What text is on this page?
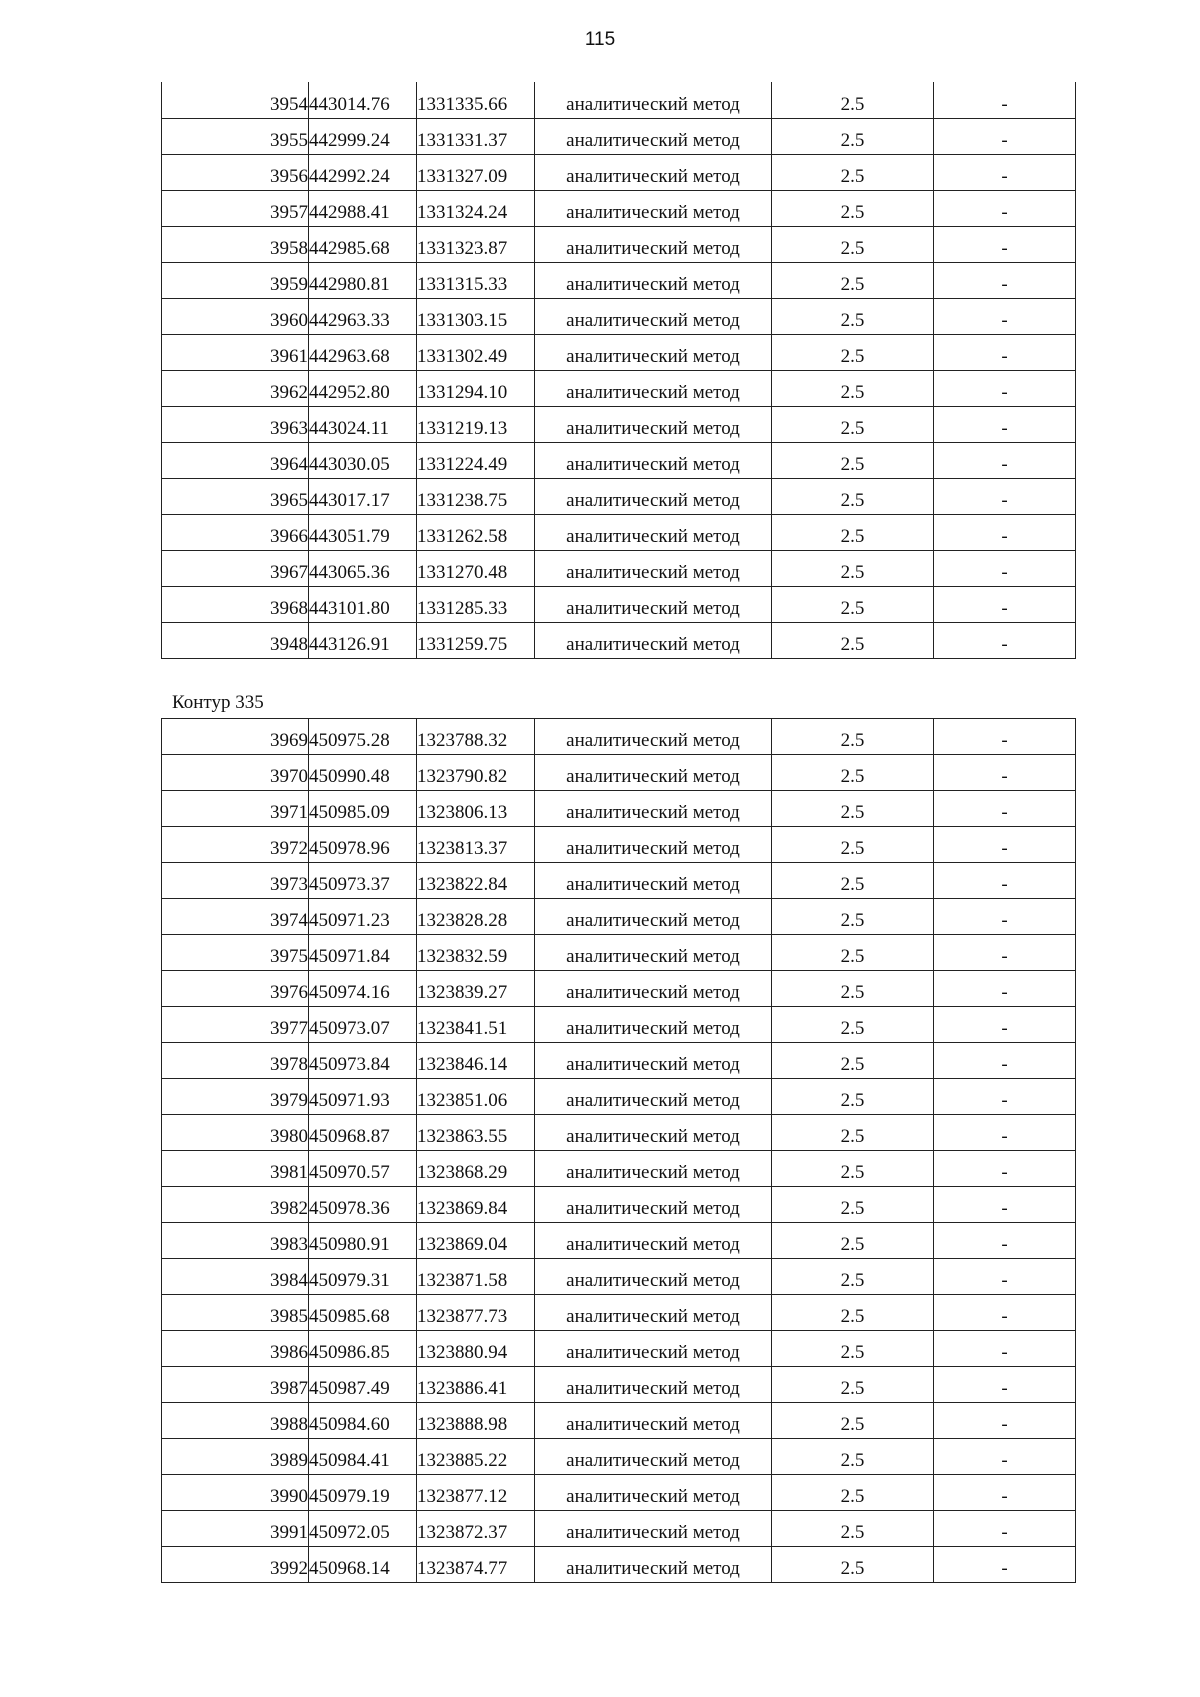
115
3954	443014.76	1331335.66	аналитический метод	2.5	-
3955	442999.24	1331331.37	аналитический метод	2.5	-
3956	442992.24	1331327.09	аналитический метод	2.5	-
3957	442988.41	1331324.24	аналитический метод	2.5	-
3958	442985.68	1331323.87	аналитический метод	2.5	-
3959	442980.81	1331315.33	аналитический метод	2.5	-
3960	442963.33	1331303.15	аналитический метод	2.5	-
3961	442963.68	1331302.49	аналитический метод	2.5	-
3962	442952.80	1331294.10	аналитический метод	2.5	-
3963	443024.11	1331219.13	аналитический метод	2.5	-
3964	443030.05	1331224.49	аналитический метод	2.5	-
3965	443017.17	1331238.75	аналитический метод	2.5	-
3966	443051.79	1331262.58	аналитический метод	2.5	-
3967	443065.36	1331270.48	аналитический метод	2.5	-
3968	443101.80	1331285.33	аналитический метод	2.5	-
3948	443126.91	1331259.75	аналитический метод	2.5	-
Контур 335
3969	450975.28	1323788.32	аналитический метод	2.5	-
3970	450990.48	1323790.82	аналитический метод	2.5	-
3971	450985.09	1323806.13	аналитический метод	2.5	-
3972	450978.96	1323813.37	аналитический метод	2.5	-
3973	450973.37	1323822.84	аналитический метод	2.5	-
3974	450971.23	1323828.28	аналитический метод	2.5	-
3975	450971.84	1323832.59	аналитический метод	2.5	-
3976	450974.16	1323839.27	аналитический метод	2.5	-
3977	450973.07	1323841.51	аналитический метод	2.5	-
3978	450973.84	1323846.14	аналитический метод	2.5	-
3979	450971.93	1323851.06	аналитический метод	2.5	-
3980	450968.87	1323863.55	аналитический метод	2.5	-
3981	450970.57	1323868.29	аналитический метод	2.5	-
3982	450978.36	1323869.84	аналитический метод	2.5	-
3983	450980.91	1323869.04	аналитический метод	2.5	-
3984	450979.31	1323871.58	аналитический метод	2.5	-
3985	450985.68	1323877.73	аналитический метод	2.5	-
3986	450986.85	1323880.94	аналитический метод	2.5	-
3987	450987.49	1323886.41	аналитический метод	2.5	-
3988	450984.60	1323888.98	аналитический метод	2.5	-
3989	450984.41	1323885.22	аналитический метод	2.5	-
3990	450979.19	1323877.12	аналитический метод	2.5	-
3991	450972.05	1323872.37	аналитический метод	2.5	-
3992	450968.14	1323874.77	аналитический метод	2.5	-
